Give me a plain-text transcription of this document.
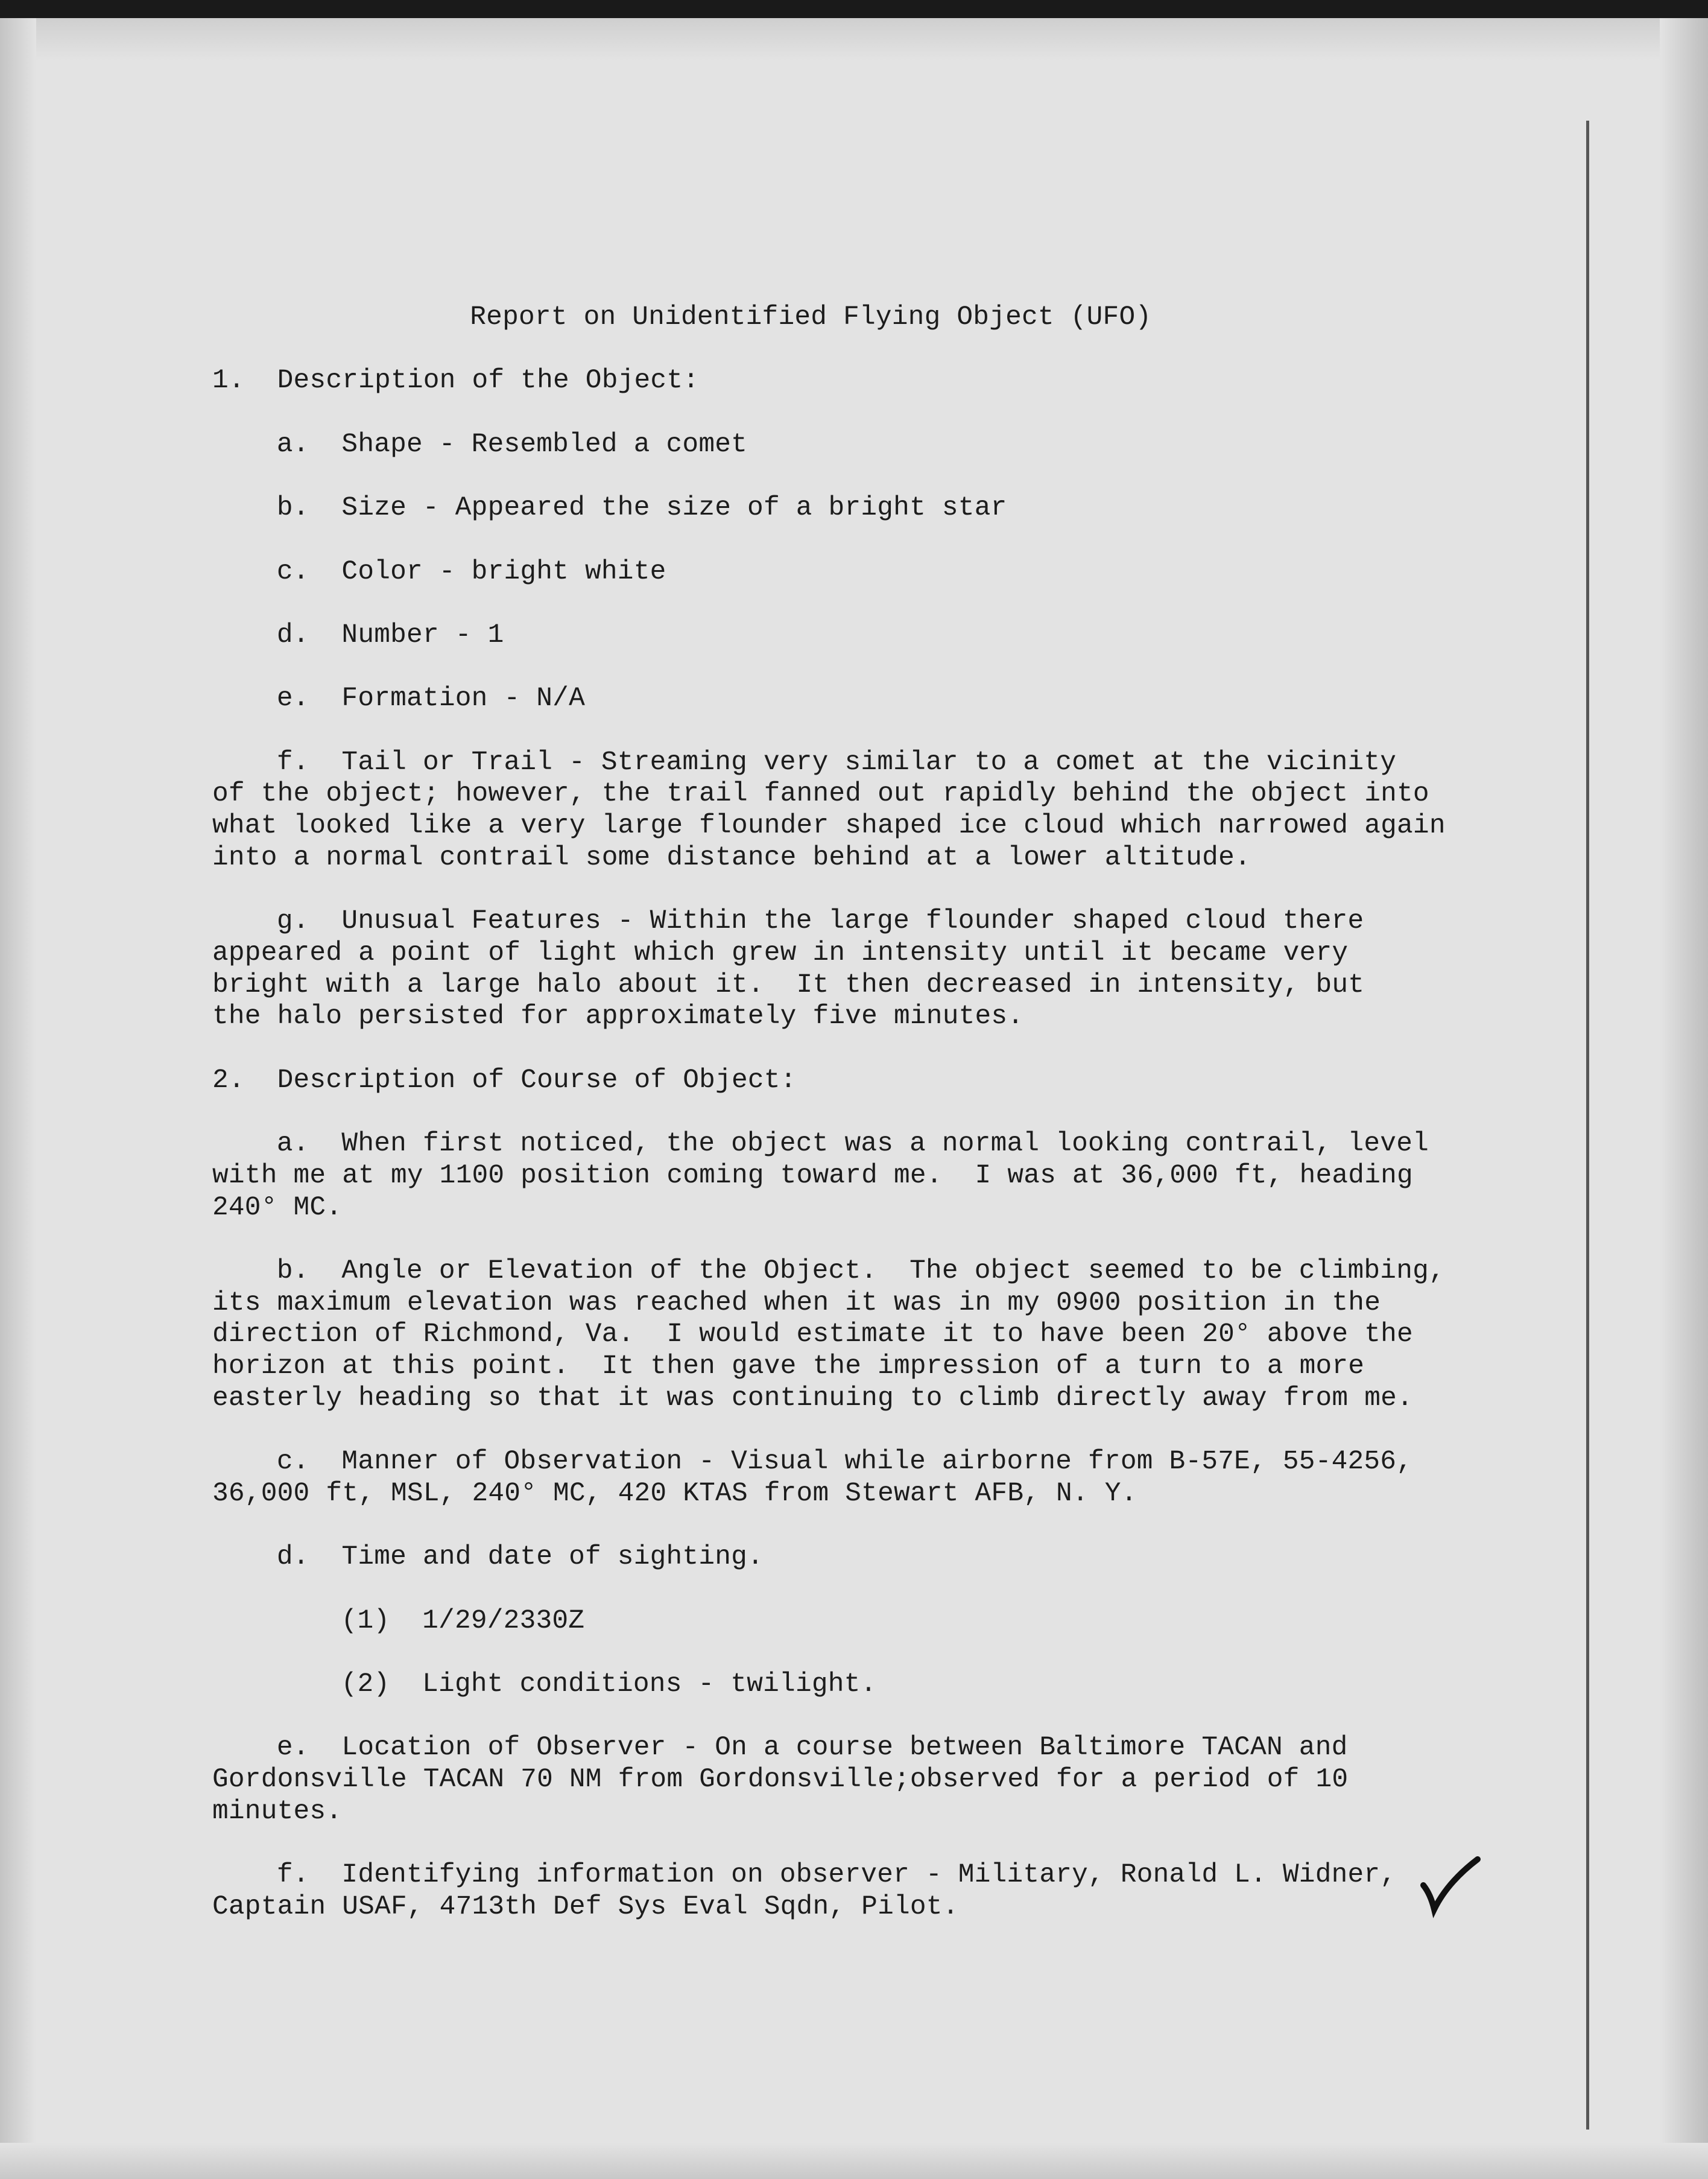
Report on Unidentified Flying Object (UFO)
1.  Description of the Object:
a.  Shape - Resembled a comet
b.  Size - Appeared the size of a bright star
c.  Color - bright white
d.  Number - 1
e.  Formation - N/A
f.  Tail or Trail - Streaming very similar to a comet at the vicinity
of the object; however, the trail fanned out rapidly behind the object into
what looked like a very large flounder shaped ice cloud which narrowed again
into a normal contrail some distance behind at a lower altitude.
g.  Unusual Features - Within the large flounder shaped cloud there
appeared a point of light which grew in intensity until it became very
bright with a large halo about it.  It then decreased in intensity, but
the halo persisted for approximately five minutes.
2.  Description of Course of Object:
a.  When first noticed, the object was a normal looking contrail, level
with me at my 1100 position coming toward me.  I was at 36,000 ft, heading
240° MC.
b.  Angle or Elevation of the Object.  The object seemed to be climbing,
its maximum elevation was reached when it was in my 0900 position in the
direction of Richmond, Va.  I would estimate it to have been 20° above the
horizon at this point.  It then gave the impression of a turn to a more
easterly heading so that it was continuing to climb directly away from me.
c.  Manner of Observation - Visual while airborne from B-57E, 55-4256,
36,000 ft, MSL, 240° MC, 420 KTAS from Stewart AFB, N. Y.
d.  Time and date of sighting.
(1)  1/29/2330Z
(2)  Light conditions - twilight.
e.  Location of Observer - On a course between Baltimore TACAN and
Gordonsville TACAN 70 NM from Gordonsville;observed for a period of 10
minutes.
f.  Identifying information on observer - Military, Ronald L. Widner,
Captain USAF, 4713th Def Sys Eval Sqdn, Pilot.
